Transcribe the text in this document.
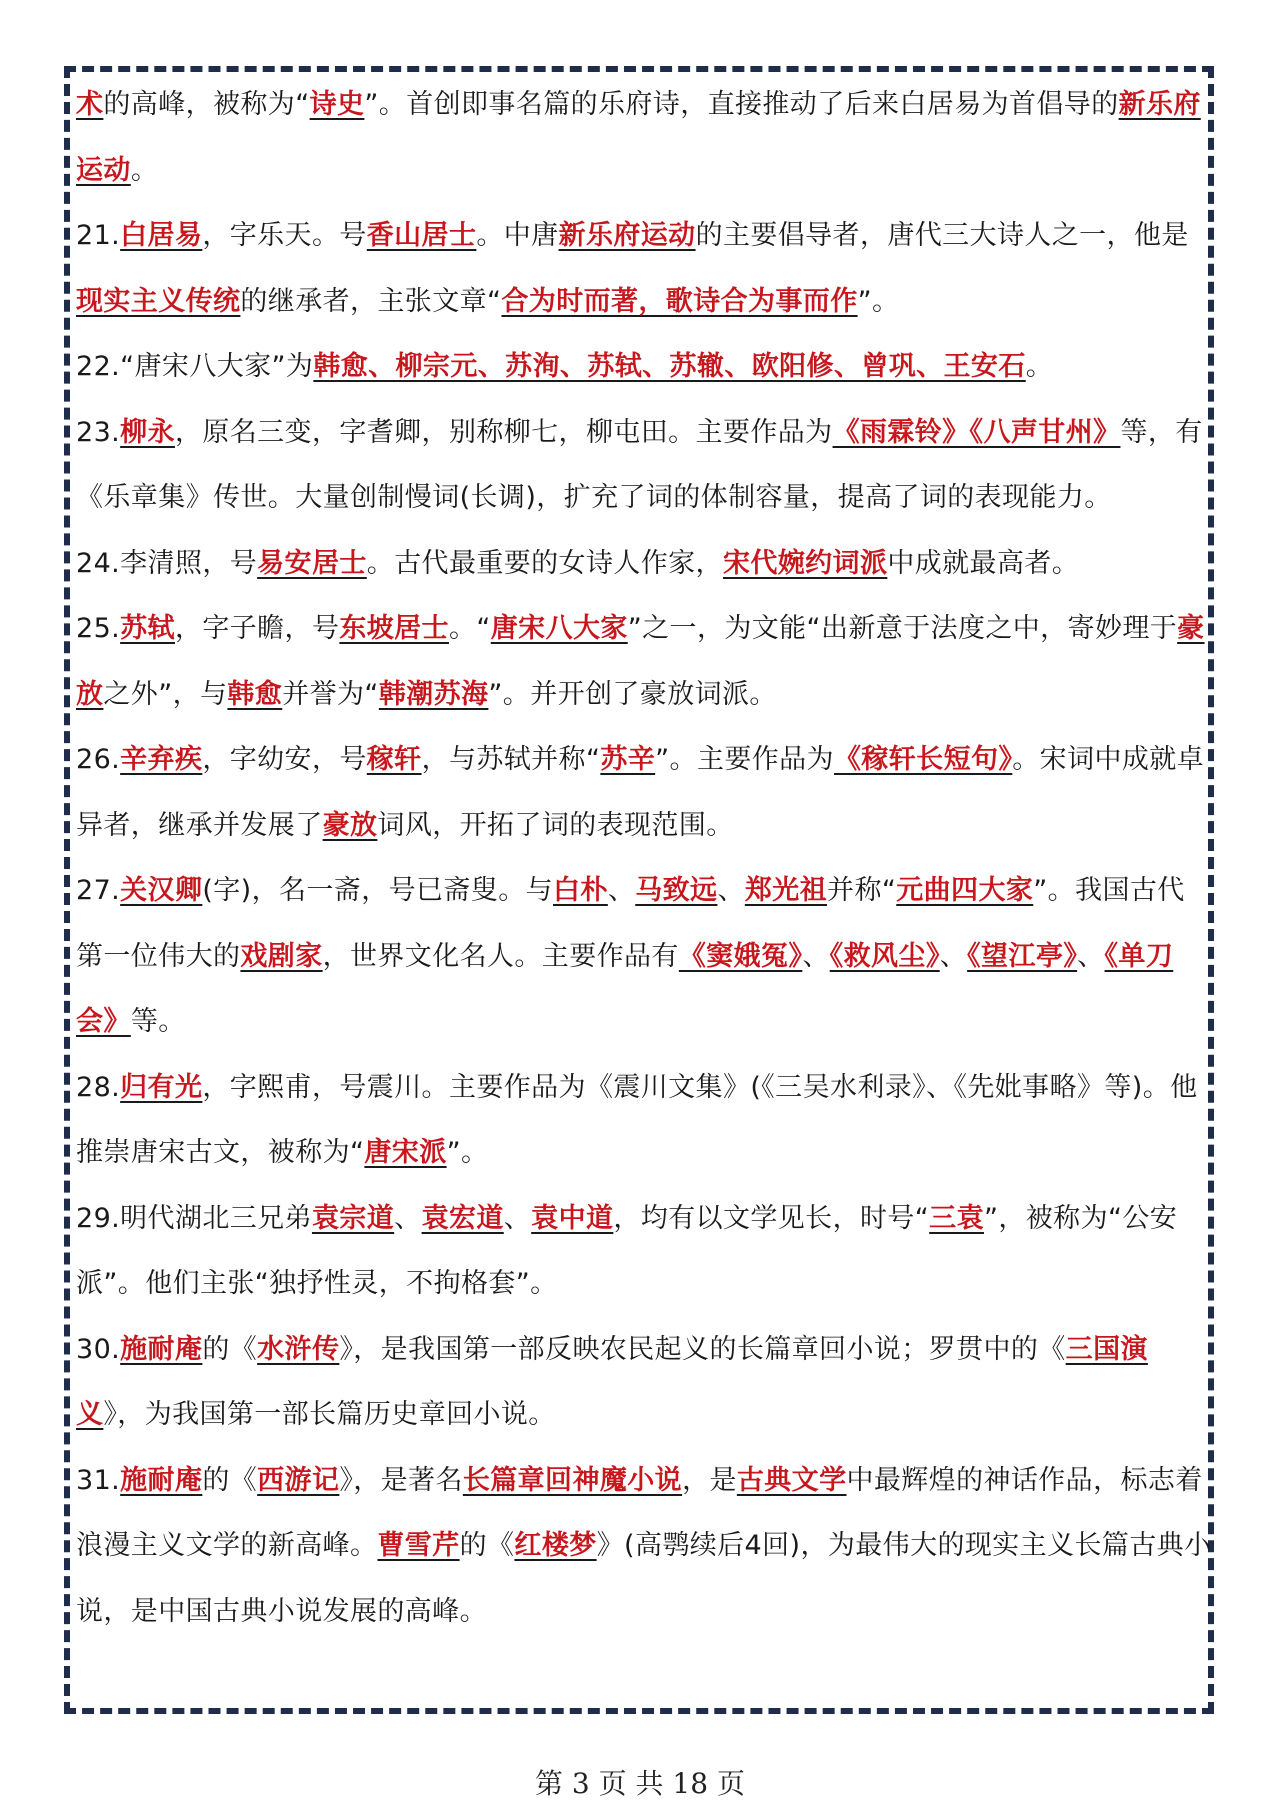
术的高峰，被称为“诗史”。首创即事名篇的乐府诗，直接推动了后来白居易为首倡导的新乐府运动。

21.白居易，字乐天。号香山居士。中唐新乐府运动的主要倡导者，唐代三大诗人之一，他是现实主义传统的继承者，主张文章“合为时而著，歌诗合为事而作”。

22.“唐宋八大家”为韩愈、柳宗元、苏洵、苏轼、苏辙、欧阳修、曾巩、王安石。

23.柳永，原名三变，字耆卿，别称柳七，柳屯田。主要作品为《雨霖铃》《八声甘州》等，有《乐章集》传世。大量创制慢词(长调)，扩充了词的体制容量，提高了词的表现能力。

24.李清照，号易安居士。古代最重要的女诗人作家，宋代婉约词派中成就最高者。

25.苏轼，字子瞻，号东坡居士。“唐宋八大家”之一，为文能“出新意于法度之中，寄妙理于豪放之外”，与韩愈并誉为“韩潮苏海”。并开创了豪放词派。

26.辛弃疾，字幼安，号稼轩，与苏轼并称“苏辛”。主要作品为《稼轩长短句》。宋词中成就卓异者，继承并发展了豪放词风，开拓了词的表现范围。

27.关汉卿(字)，名一斋，号已斋叟。与白朴、马致远、郑光祖并称“元曲四大家”。我国古代第一位伟大的戏剧家，世界文化名人。主要作品有《窦娥冤》、《救风尘》、《望江亭》、《单刀会》等。

28.归有光，字熙甫，号震川。主要作品为《震川文集》(《三吴水利录》、《先妣事略》等)。他推崇唐宋古文，被称为“唐宋派”。

29.明代湖北三兄弟袁宗道、袁宏道、袁中道，均有以文学见长，时号“三袁”，被称为“公安派”。他们主张“独抒性灵，不拘格套”。

30.施耐庵的《水浒传》，是我国第一部反映农民起义的长篇章回小说；罗贯中的《三国演义》，为我国第一部长篇历史章回小说。

31.施耐庵的《西游记》，是著名长篇章回神魔小说，是古典文学中最辉煌的神话作品，标志着浪漫主义文学的新高峰。曹雪芹的《红楼梦》(高鹗续后4回)，为最伟大的现实主义长篇古典小说，是中国古典小说发展的高峰。

第 3 页 共 18 页
